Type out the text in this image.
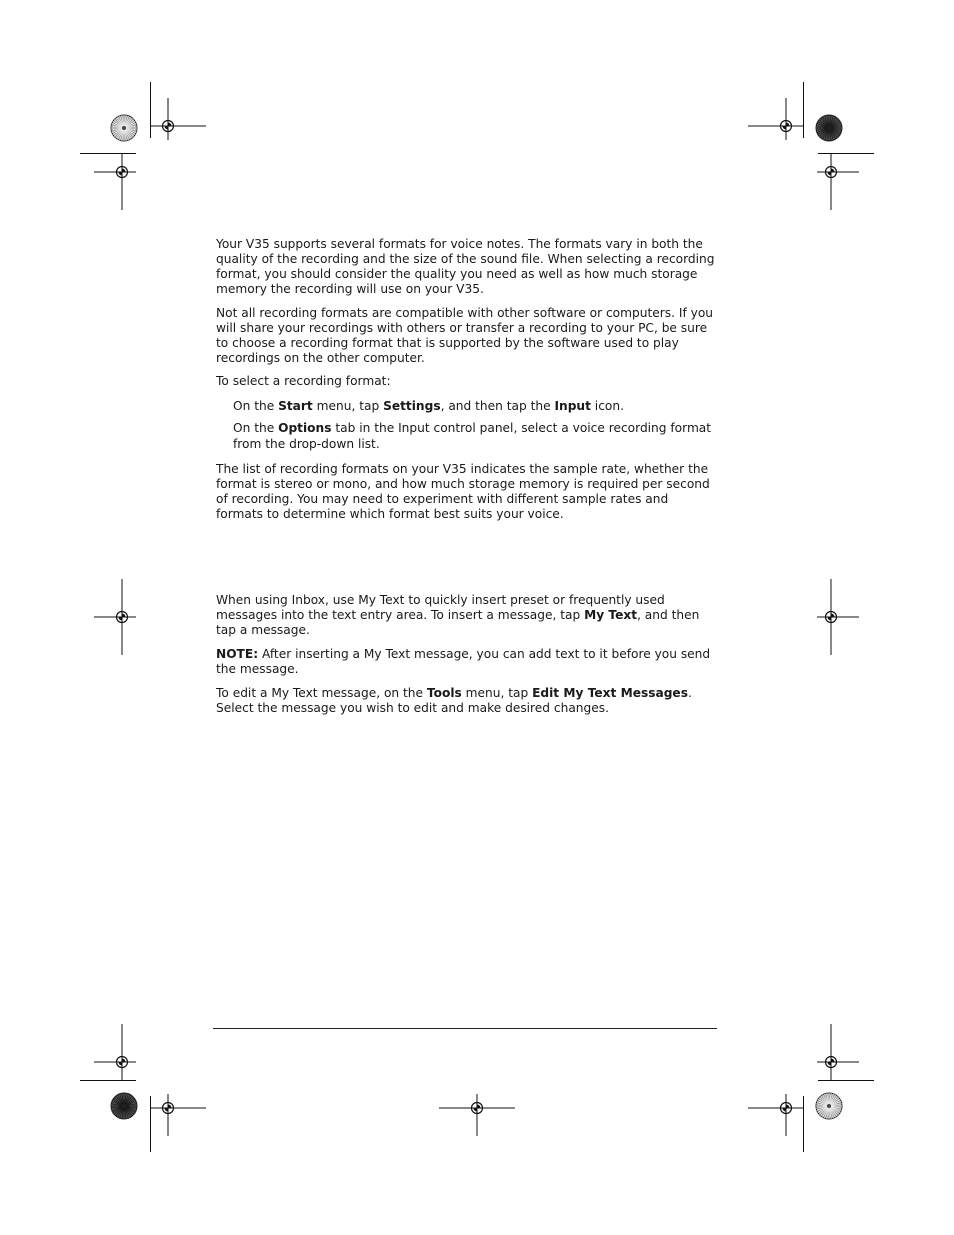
Your V35 supports several formats for voice notes. The formats vary in both the quality of the recording and the size of the sound file. When selecting a recording format, you should consider the quality you need as well as how much storage memory the recording will use on your V35.

Not all recording formats are compatible with other software or computers. If you will share your recordings with others or transfer a recording to your PC, be sure to choose a recording format that is supported by the software used to play recordings on the other computer.

To select a recording format:

On the Start menu, tap Settings, and then tap the Input icon.

On the Options tab in the Input control panel, select a voice recording format from the drop-down list.

The list of recording formats on your V35 indicates the sample rate, whether the format is stereo or mono, and how much storage memory is required per second of recording. You may need to experiment with different sample rates and formats to determine which format best suits your voice.

When using Inbox, use My Text to quickly insert preset or frequently used messages into the text entry area. To insert a message, tap My Text, and then tap a message.

NOTE: After inserting a My Text message, you can add text to it before you send the message.

To edit a My Text message, on the Tools menu, tap Edit My Text Messages. Select the message you wish to edit and make desired changes.
